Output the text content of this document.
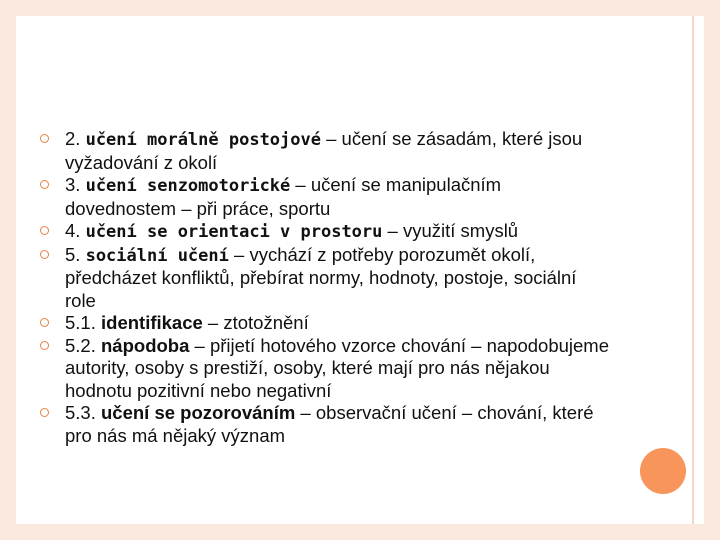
2. učení morálně postojové – učení se zásadám, které jsou vyžadování z okolí
3. učení senzomotorické – učení se manipulačním dovednostem – při práce, sportu
4. učení se orientaci v prostoru – využití smyslů
5. sociální učení – vychází z potřeby porozumět okolí, předcházet konfliktů, přebírat normy, hodnoty, postoje, sociální role
5.1. identifikace – ztotožnění
5.2. nápodoba – přijetí hotového vzorce chování – napodobujeme autority, osoby s prestiží, osoby, které mají pro nás nějakou hodnotu pozitivní nebo negativní
5.3. učení se pozorováním – observační učení – chování, které pro nás má nějaký význam
